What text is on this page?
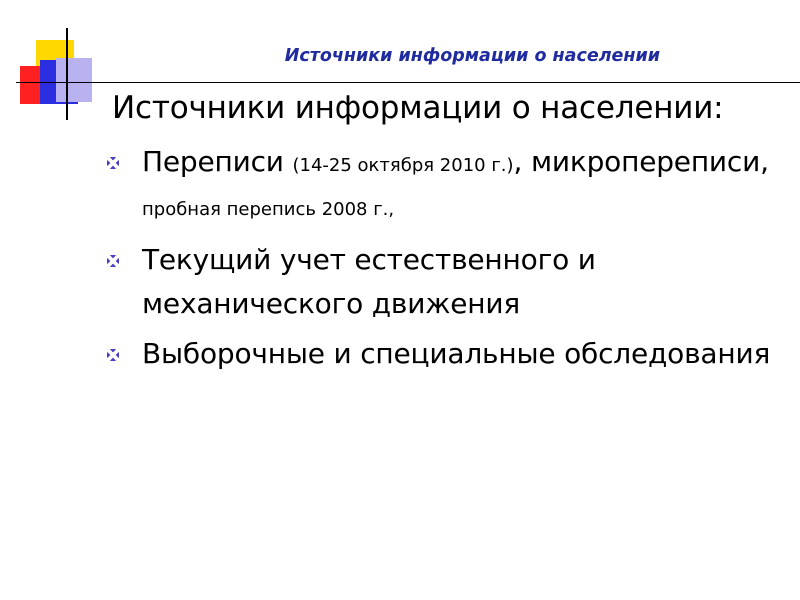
Источники информации о населении
Источники информации о населении:
Переписи (14-25 октября 2010 г.), микропереписи, пробная перепись 2008 г.,
Текущий учет естественного и механического движения
Выборочные и специальные обследования
